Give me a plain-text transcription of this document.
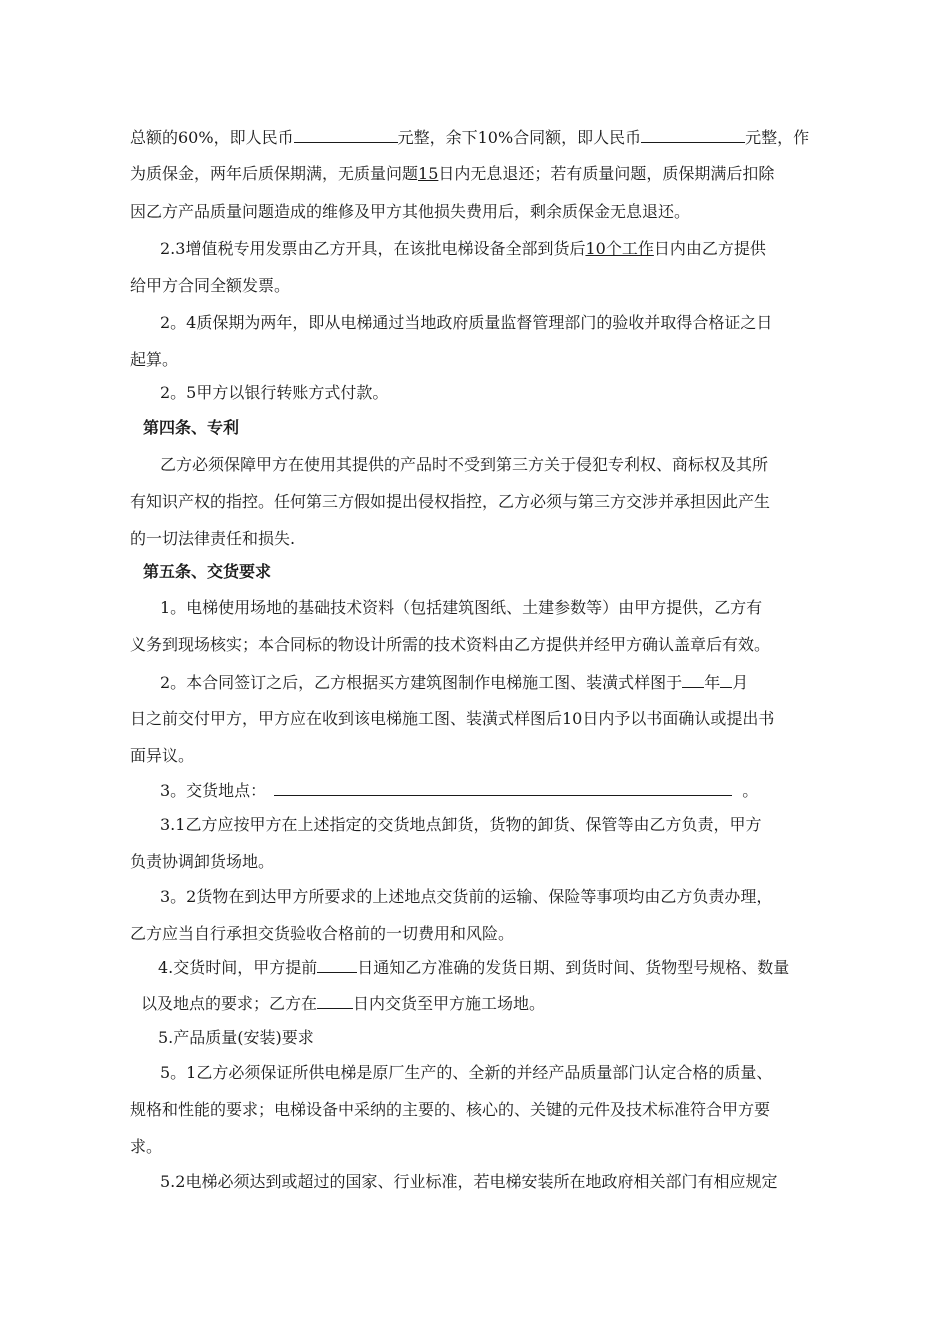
总额的60%，即人民币	元整，余下10%合同额，即人民币	元整，作
为质保金，两年后质保期满，无质量问题15日内无息退还；若有质量问题，质保期满后扣除
因乙方产品质量问题造成的维修及甲方其他损失费用后，剩余质保金无息退还。
2.3增值税专用发票由乙方开具，在该批电梯设备全部到货后10个工作日内由乙方提供
给甲方合同全额发票。
2。4质保期为两年，即从电梯通过当地政府质量监督管理部门的验收并取得合格证之日
起算。
2。5甲方以银行转账方式付款。
第四条、专利
乙方必须保障甲方在使用其提供的产品时不受到第三方关于侵犯专利权、商标权及其所
有知识产权的指控。任何第三方假如提出侵权指控，乙方必须与第三方交涉并承担因此产生
的一切法律责任和损失.
第五条、交货要求
1。电梯使用场地的基础技术资料（包括建筑图纸、土建参数等）由甲方提供，乙方有
义务到现场核实；本合同标的物设计所需的技术资料由乙方提供并经甲方确认盖章后有效。
2。本合同签订之后，乙方根据买方建筑图制作电梯施工图、装潢式样图于 年 月
日之前交付甲方，甲方应在收到该电梯施工图、装潢式样图后10日内予以书面确认或提出书
面异议。
3。交货地点：	。
3.1乙方应按甲方在上述指定的交货地点卸货，货物的卸货、保管等由乙方负责，甲方
负责协调卸货场地。
3。2货物在到达甲方所要求的上述地点交货前的运输、保险等事项均由乙方负责办理，
乙方应当自行承担交货验收合格前的一切费用和风险。
4.交货时间，甲方提前	日通知乙方准确的发货日期、到货时间、货物型号规格、数量
以及地点的要求；乙方在 日内交货至甲方施工场地。
5.产品质量(安装)要求
5。1乙方必须保证所供电梯是原厂生产的、全新的并经产品质量部门认定合格的质量、
规格和性能的要求；电梯设备中采纳的主要的、核心的、关键的元件及技术标准符合甲方要
求。
5.2电梯必须达到或超过的国家、行业标准，若电梯安装所在地政府相关部门有相应规定
